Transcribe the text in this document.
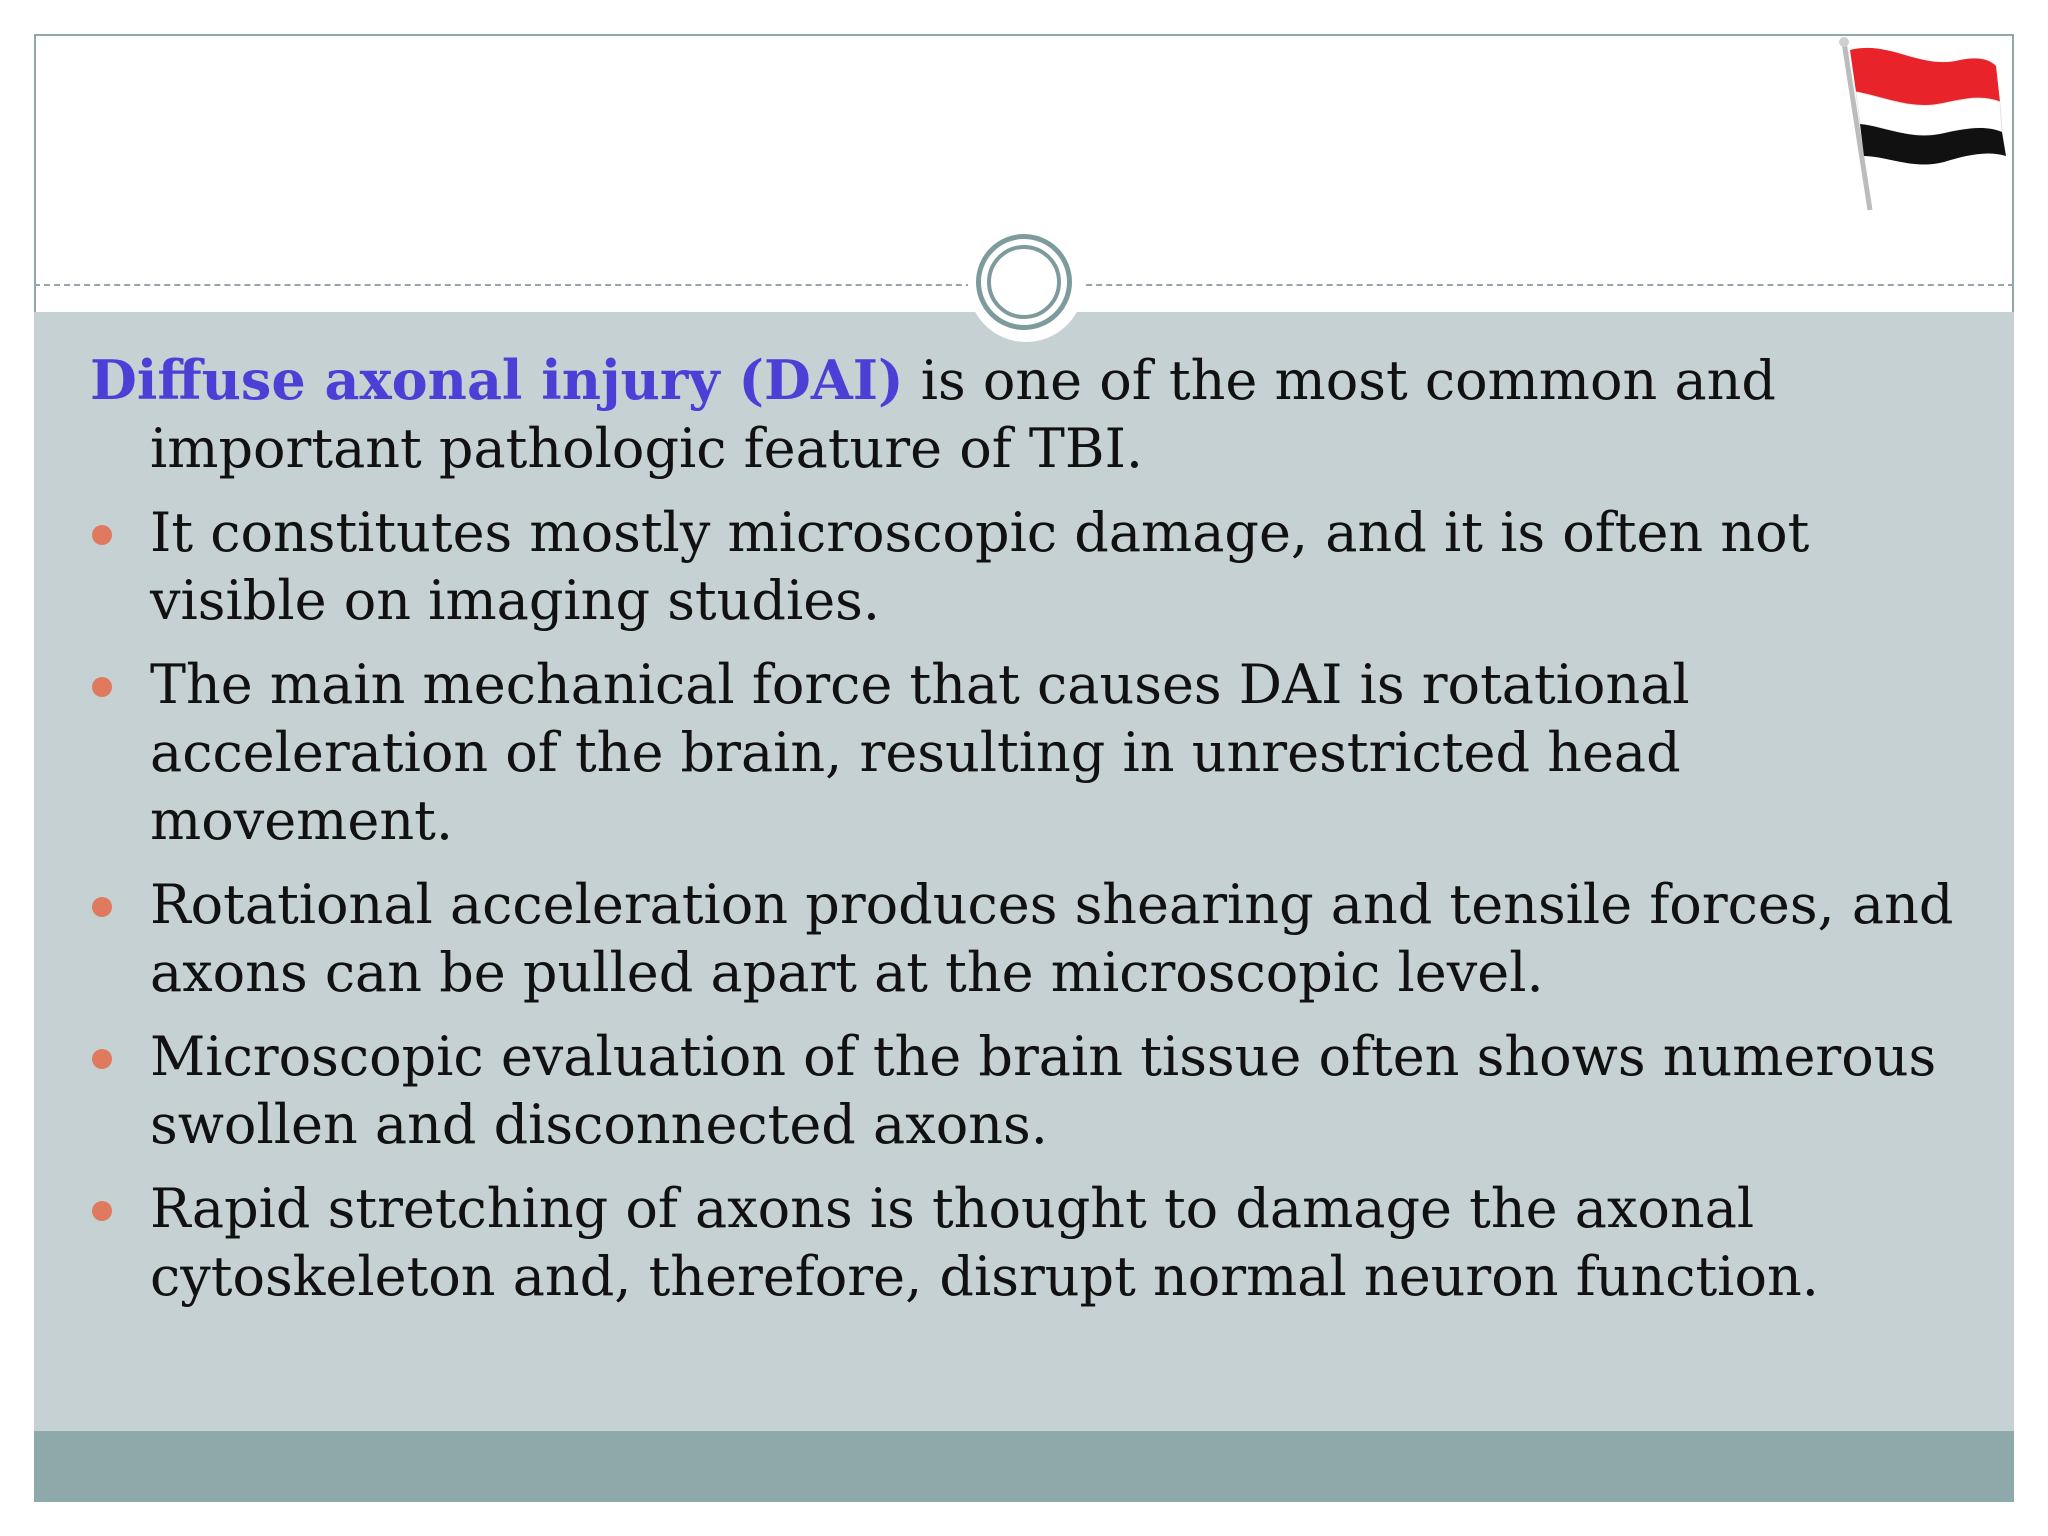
Diffuse axonal injury (DAI) is one of the most common and important pathologic feature of TBI.

It constitutes mostly microscopic damage, and it is often not visible on imaging studies.
The main mechanical force that causes DAI is rotational acceleration of the brain, resulting in unrestricted head movement.
Rotational acceleration produces shearing and tensile forces, and axons can be pulled apart at the microscopic level.
Microscopic evaluation of the brain tissue often shows numerous swollen and disconnected axons.
Rapid stretching of axons is thought to damage the axonal cytoskeleton and, therefore, disrupt normal neuron function.
